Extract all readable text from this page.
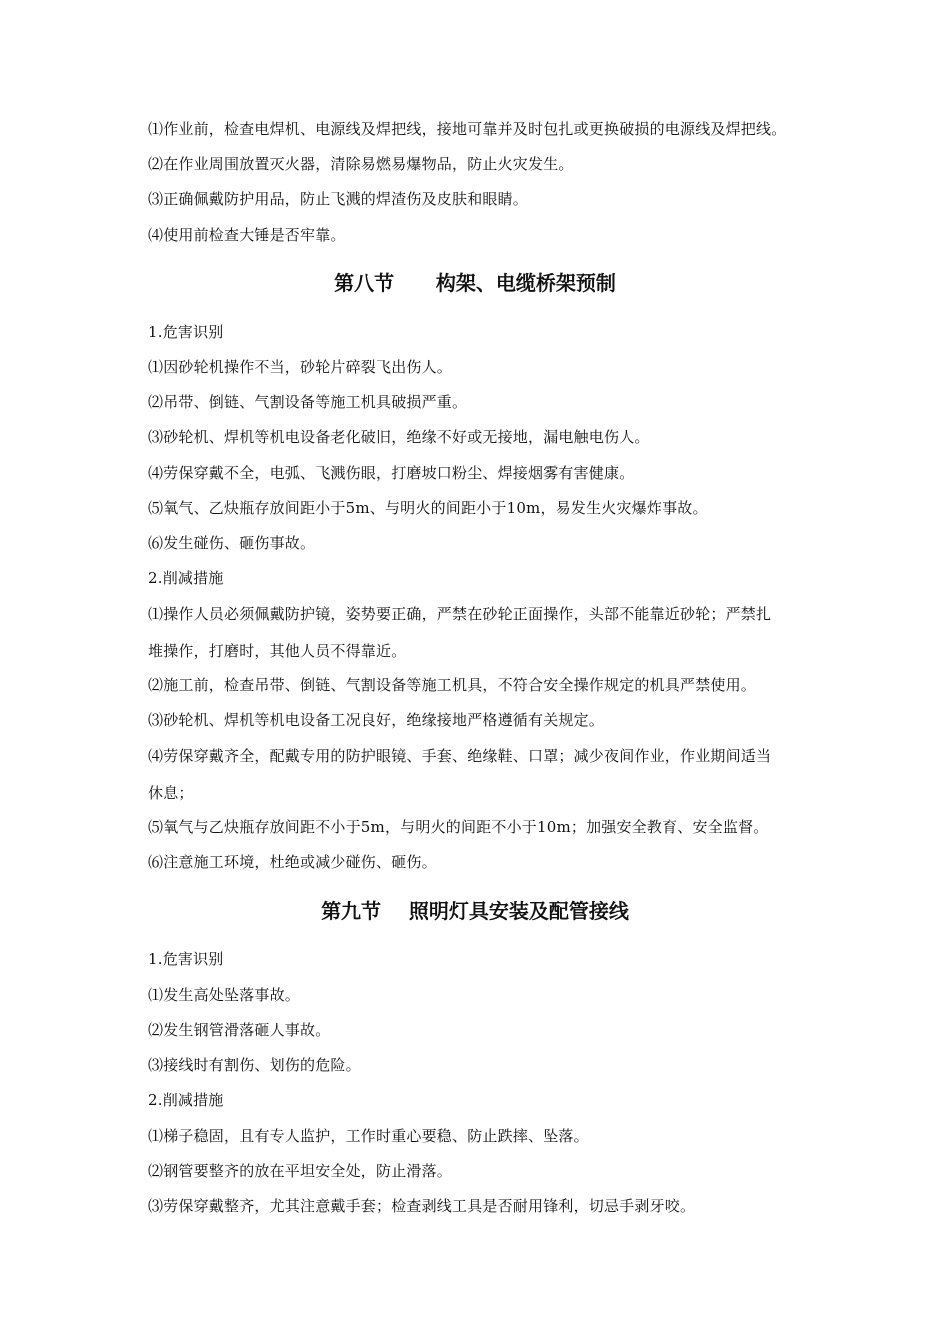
⑴作业前，检查电焊机、电源线及焊把线，接地可靠并及时包扎或更换破损的电源线及焊把线。
⑵在作业周围放置灭火器，清除易燃易爆物品，防止火灾发生。
⑶正确佩戴防护用品，防止飞溅的焊渣伤及皮肤和眼睛。
⑷使用前检查大锤是否牢靠。
第八节      构架、电缆桥架预制
1.危害识别
⑴因砂轮机操作不当，砂轮片碎裂飞出伤人。
⑵吊带、倒链、气割设备等施工机具破损严重。
⑶砂轮机、焊机等机电设备老化破旧，绝缘不好或无接地，漏电触电伤人。
⑷劳保穿戴不全，电弧、飞溅伤眼，打磨坡口粉尘、焊接烟雾有害健康。
⑸氧气、乙炔瓶存放间距小于5m、与明火的间距小于10m，易发生火灾爆炸事故。
⑹发生碰伤、砸伤事故。
2.削减措施
⑴操作人员必须佩戴防护镜，姿势要正确，严禁在砂轮正面操作，头部不能靠近砂轮；严禁扎
堆操作，打磨时，其他人员不得靠近。
⑵施工前，检查吊带、倒链、气割设备等施工机具，不符合安全操作规定的机具严禁使用。
⑶砂轮机、焊机等机电设备工况良好，绝缘接地严格遵循有关规定。
⑷劳保穿戴齐全，配戴专用的防护眼镜、手套、绝缘鞋、口罩；减少夜间作业，作业期间适当
休息；
⑸氧气与乙炔瓶存放间距不小于5m，与明火的间距不小于10m；加强安全教育、安全监督。
⑹注意施工环境，杜绝或减少碰伤、砸伤。
第九节    照明灯具安装及配管接线
1.危害识别
⑴发生高处坠落事故。
⑵发生钢管滑落砸人事故。
⑶接线时有割伤、划伤的危险。
2.削减措施
⑴梯子稳固，且有专人监护，工作时重心要稳、防止跌摔、坠落。
⑵钢管要整齐的放在平坦安全处，防止滑落。
⑶劳保穿戴整齐，尤其注意戴手套；检查剥线工具是否耐用锋利，切忌手剥牙咬。
